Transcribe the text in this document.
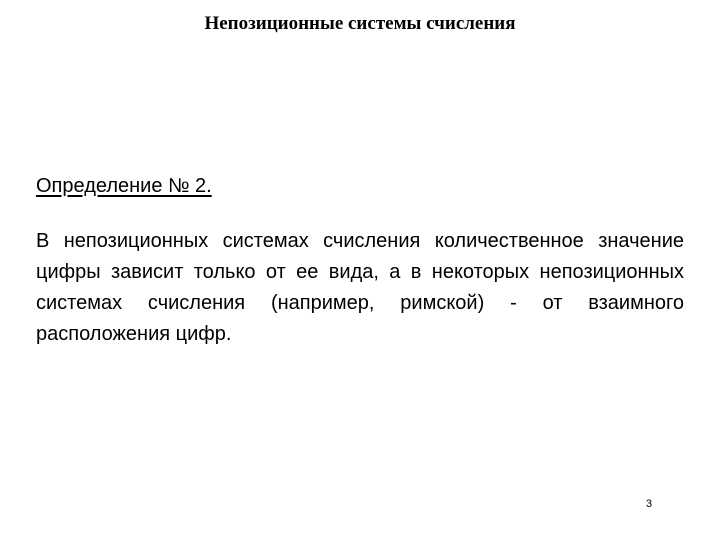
Непозиционные системы счисления

Определение № 2.

В непозиционных системах счисления количественное значение цифры зависит только от ее вида, а в некоторых непозиционных системах счисления (например, римской) - от взаимного расположения цифр.

3
